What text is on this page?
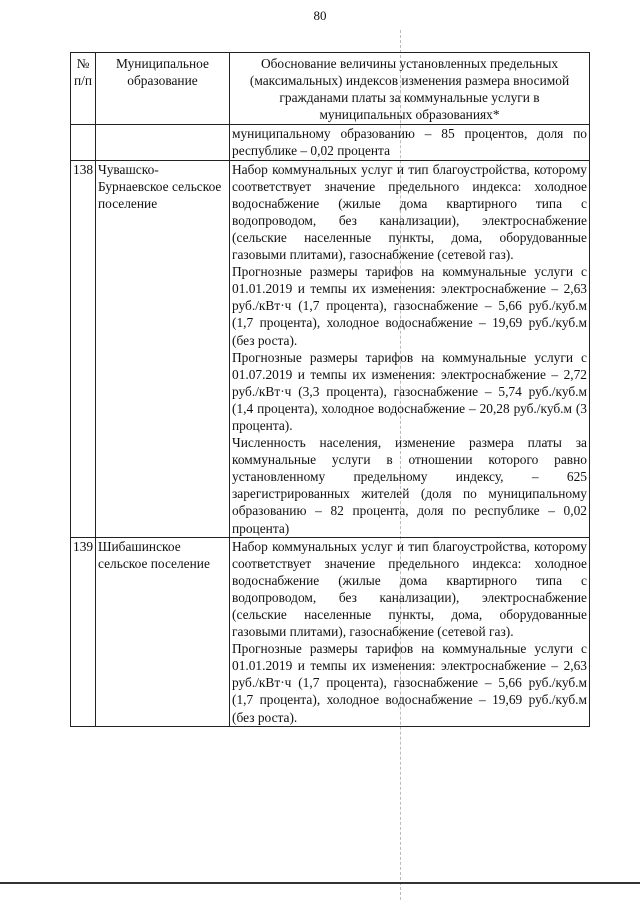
80
№ п/п	Муниципальное образование	Обоснование величины установленных предельных (максимальных) индексов изменения размера вносимой гражданами платы за коммунальные услуги в муниципальных образованиях*
		муниципальному образованию – 85 процентов, доля по республике – 0,02 процента
138	Чувашско-Бурнаевское сельское поселение	Набор коммунальных услуг и тип благоустройства, которому соответствует значение предельного индекса: холодное водоснабжение (жилые дома квартирного типа с водопроводом, без канализации), электроснабжение (сельские населенные пункты, дома, оборудованные газовыми плитами), газоснабжение (сетевой газ).
Прогнозные размеры тарифов на коммунальные услуги с 01.01.2019 и темпы их изменения: электроснабжение – 2,63 руб./кВт·ч (1,7 процента), газоснабжение – 5,66 руб./куб.м (1,7 процента), холодное водоснабжение – 19,69 руб./куб.м (без роста).
Прогнозные размеры тарифов на коммунальные услуги с 01.07.2019 и темпы их изменения: электроснабжение – 2,72 руб./кВт·ч (3,3 процента), газоснабжение – 5,74 руб./куб.м (1,4 процента), холодное водоснабжение – 20,28 руб./куб.м (3 процента).
Численность населения, изменение размера платы за коммунальные услуги в отношении которого равно установленному предельному индексу, – 625 зарегистрированных жителей (доля по муниципальному образованию – 82 процента, доля по республике – 0,02 процента)

139	Шибашинское сельское поселение	Набор коммунальных услуг и тип благоустройства, которому соответствует значение предельного индекса: холодное водоснабжение (жилые дома квартирного типа с водопроводом, без канализации), электроснабжение (сельские населенные пункты, дома, оборудованные газовыми плитами), газоснабжение (сетевой газ).
Прогнозные размеры тарифов на коммунальные услуги с 01.01.2019 и темпы их изменения: электроснабжение – 2,63 руб./кВт·ч (1,7 процента), газоснабжение – 5,66 руб./куб.м (1,7 процента), холодное водоснабжение – 19,69 руб./куб.м (без роста).
